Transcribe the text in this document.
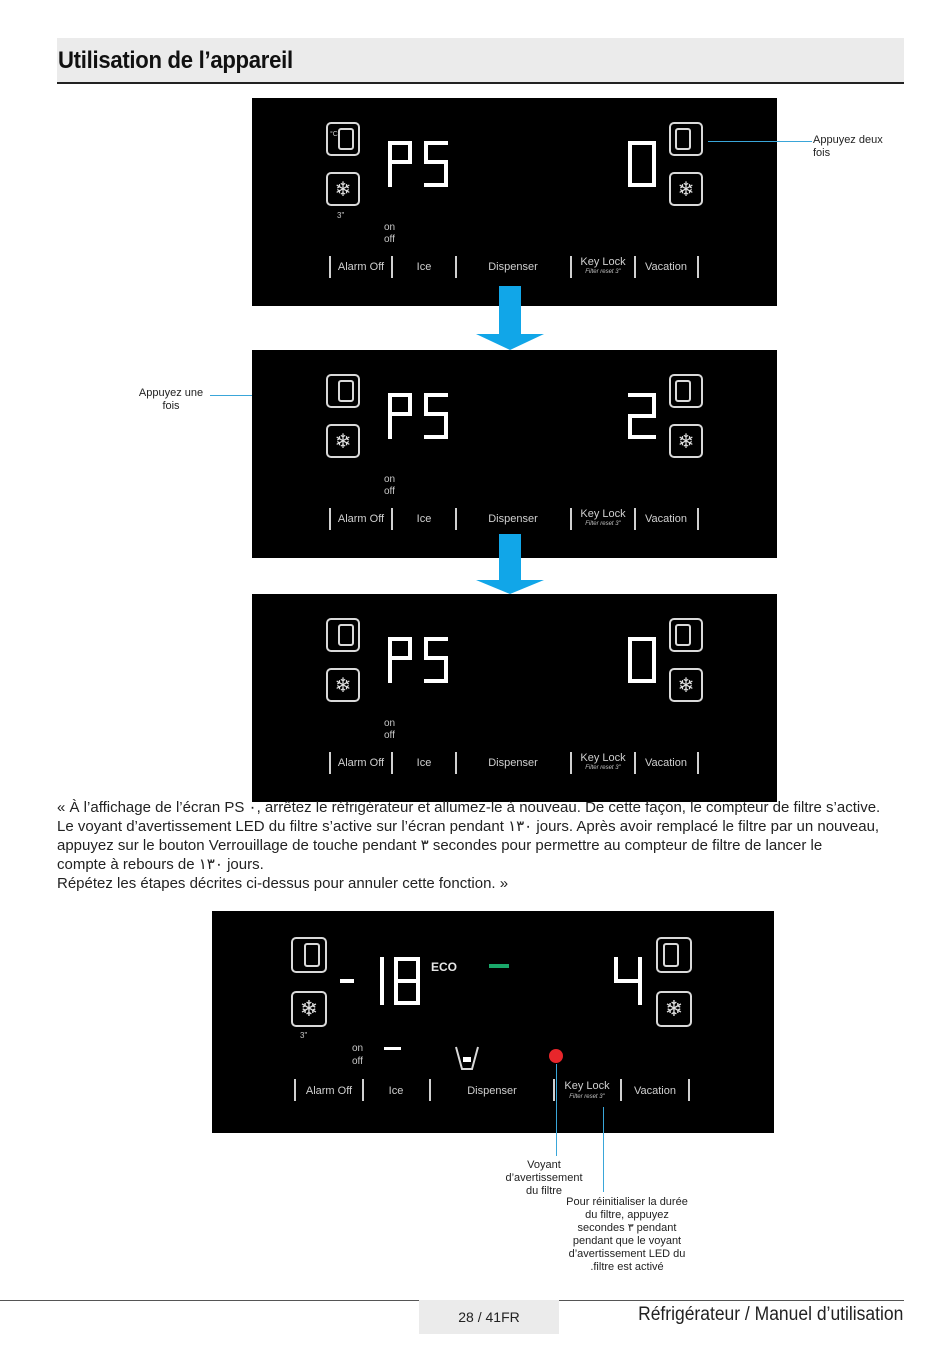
Utilisation de l’appareil
°C
❄
3"
on
off
❄
Alarm Off	Ice	Dispenser	Key Lock
Filter reset 3" Vacation
❄
on
off
❄
Alarm Off	Ice	Dispenser	Key Lock
Filter reset 3" Vacation
❄
on
off
❄
Alarm Off	Ice	Dispenser	Key Lock
Filter reset 3" Vacation
Appuyez deux fois
Appuyez une fois

« À l’affichage de l’écran PS ٠, arrêtez le réfrigérateur et allumez-le à nouveau. De cette façon, le compteur de filtre s’active.

Le voyant d’avertissement LED du filtre s’active sur l’écran pendant ١٣٠ jours. Après avoir remplacé le filtre par un nouveau,

appuyez sur le bouton Verrouillage de touche pendant ٣ secondes pour permettre au compteur de filtre de lancer le

compte à rebours de ١٣٠ jours.

Répétez les étapes décrites ci-dessus pour annuler cette fonction. »

❄
3"
ECO
❄
on
off
Alarm Off	Ice	Dispenser	Key Lock
Filter reset 3"	Vacation
Voyant d’avertissement du filtre
Pour réinitialiser la durée du filtre, appuyez secondes ٣ pendant pendant que le voyant d’avertissement LED du .filtre est activé
28 / 41FR	Réfrigérateur / Manuel d’utilisation
